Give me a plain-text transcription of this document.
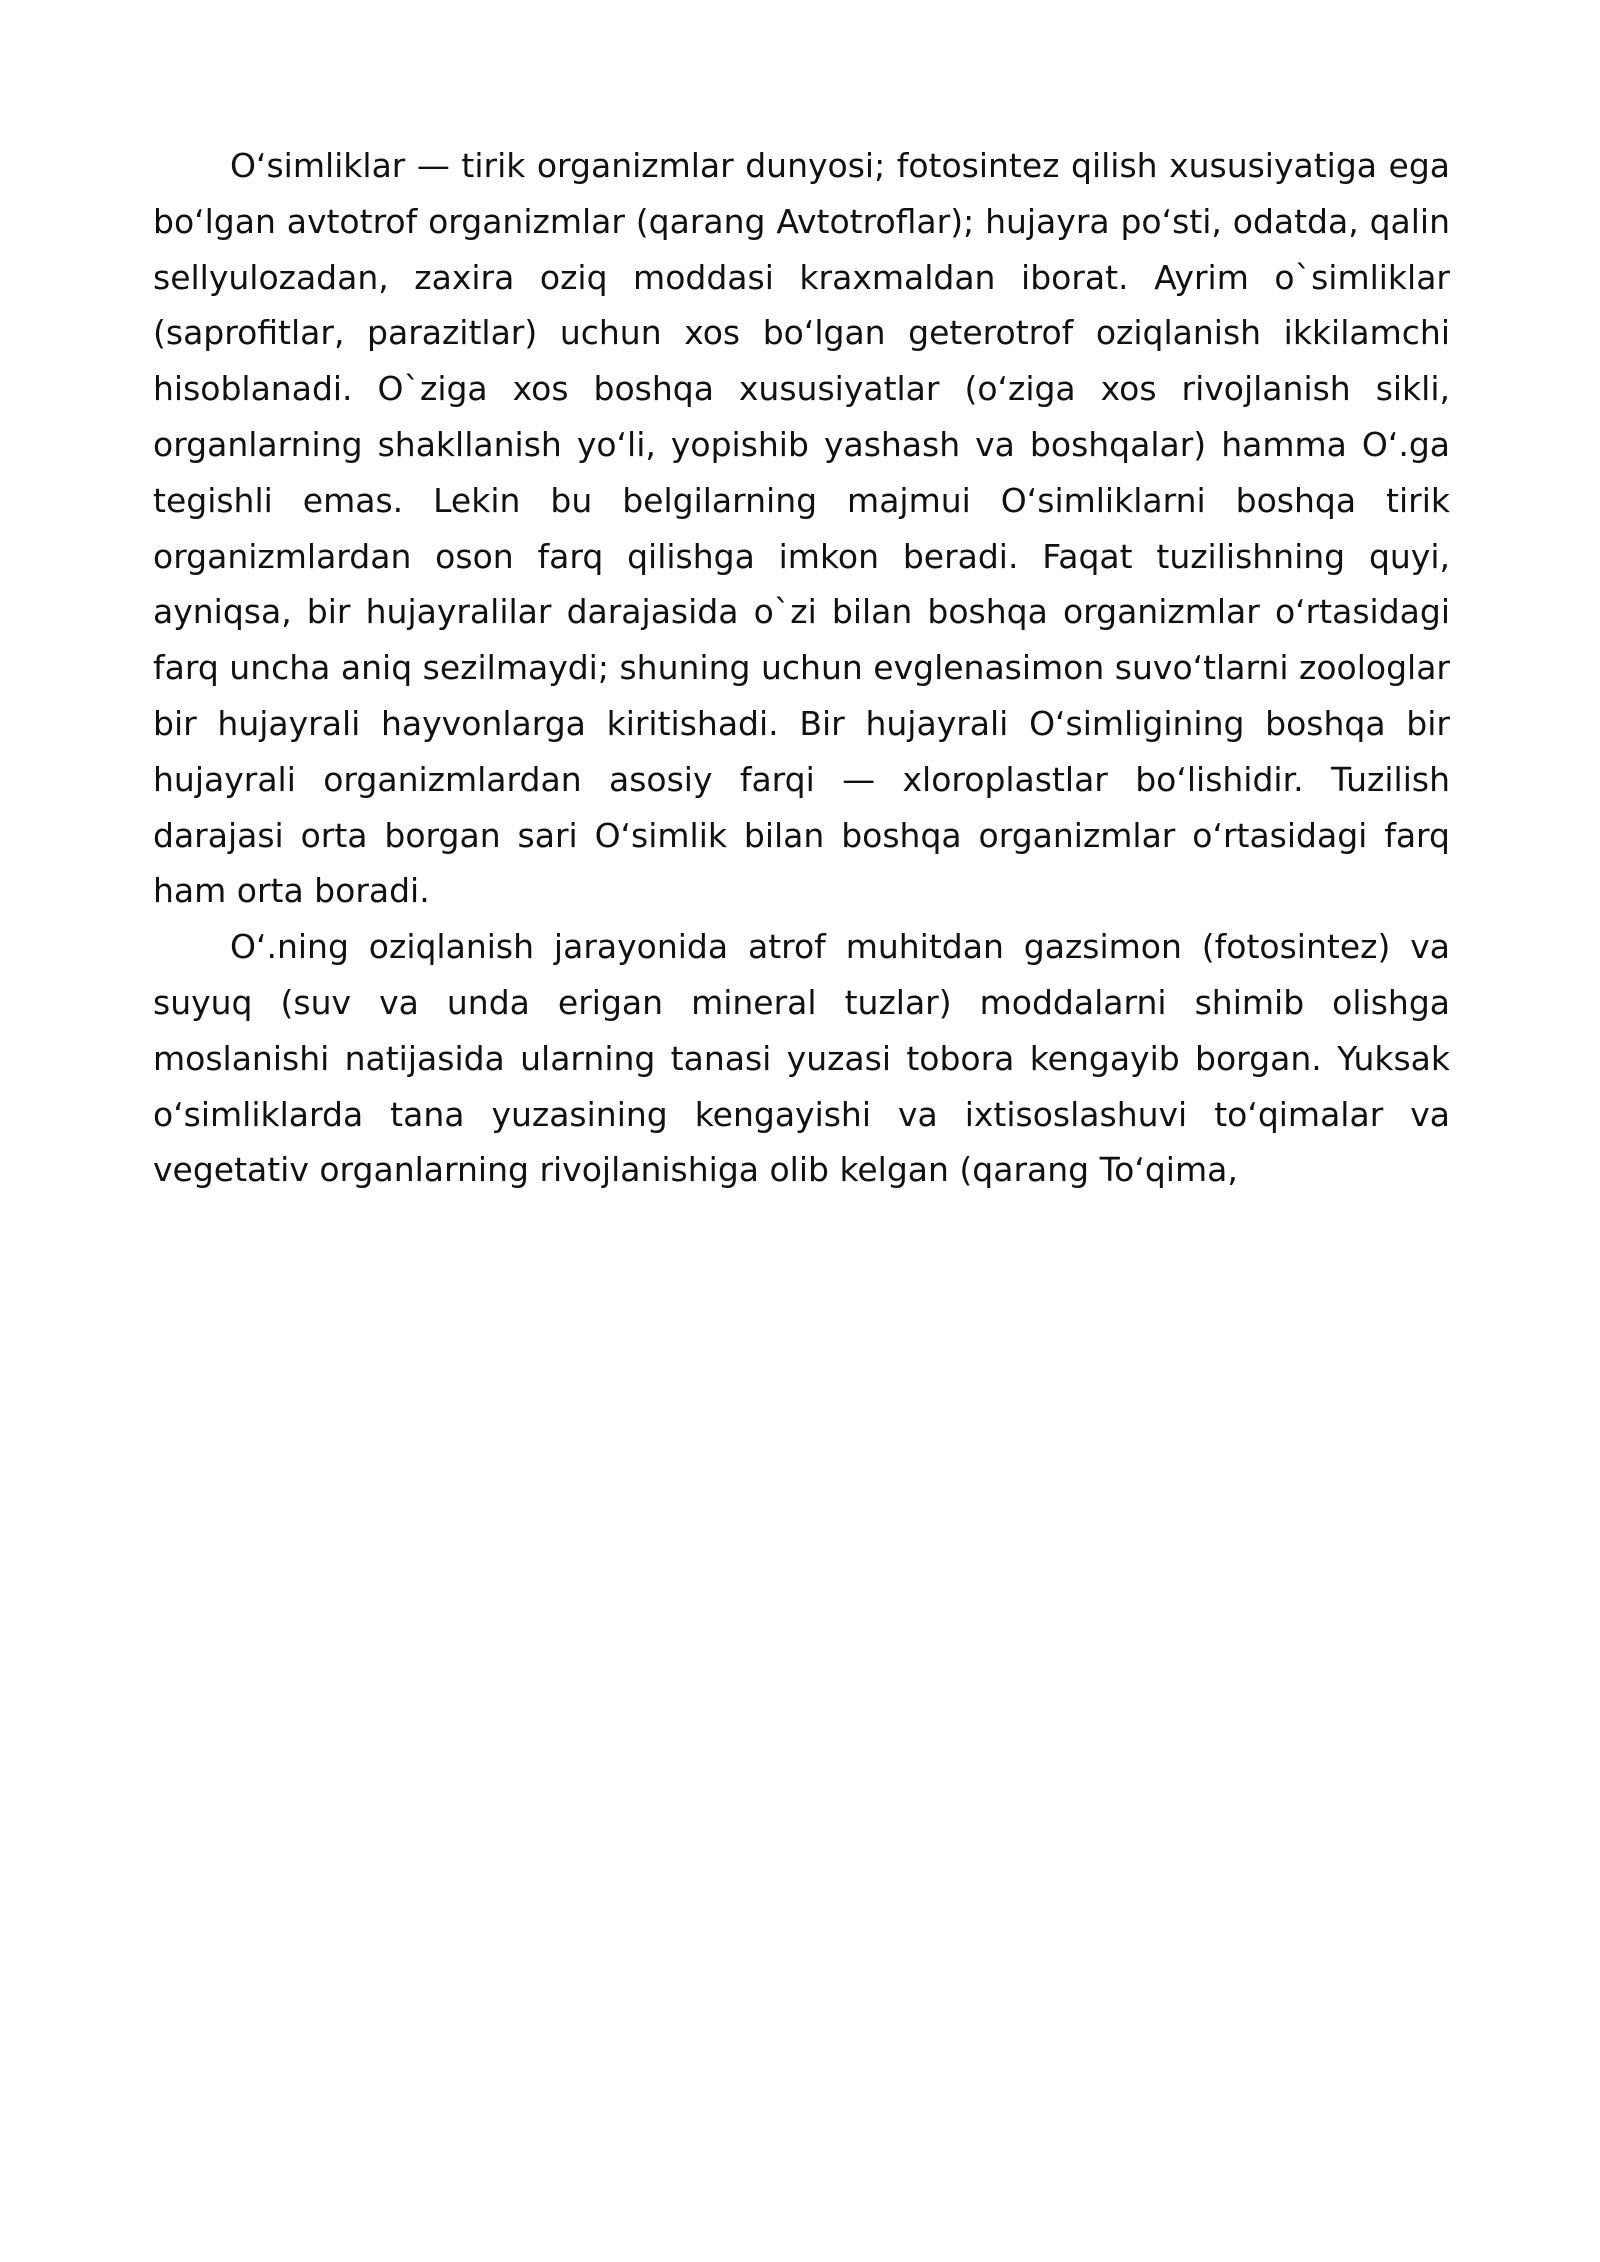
O‘simliklar — tirik organizmlar dunyosi; fotosintez qilish xususiyatiga ega bo‘lgan avtotrof organizmlar (qarang Avtotroflar); hujayra po‘sti, odatda, qalin sellyulozadan, zaxira oziq moddasi kraxmaldan iborat. Ayrim o`simliklar (saprofitlar, parazitlar) uchun xos bo‘lgan geterotrof oziqlanish ikkilamchi hisoblanadi. O`ziga xos boshqa xususiyatlar (o‘ziga xos rivojlanish sikli, organlarning shakllanish yo‘li, yopishib yashash va boshqalar) hamma O‘.ga tegishli emas. Lekin bu belgilarning majmui O‘simliklarni boshqa tirik organizmlardan oson farq qilishga imkon beradi. Faqat tuzilishning quyi, ayniqsa, bir hujayralilar darajasida o`zi bilan boshqa organizmlar o‘rtasidagi farq uncha aniq sezilmaydi; shuning uchun evglenasimon suvo‘tlarni zoologlar bir hujayrali hayvonlarga kiritishadi. Bir hujayrali O‘simligining boshqa bir hujayrali organizmlardan asosiy farqi — xloroplastlar bo‘lishidir. Tuzilish darajasi orta borgan sari O‘simlik bilan boshqa organizmlar o‘rtasidagi farq ham orta boradi.

O‘.ning oziqlanish jarayonida atrof muhitdan gazsimon (fotosintez) va suyuq (suv va unda erigan mineral tuzlar) moddalarni shimib olishga moslanishi natijasida ularning tanasi yuzasi tobora kengayib borgan. Yuksak o‘simliklarda tana yuzasining kengayishi va ixtisoslashuvi to‘qimalar va vegetativ organlarning rivojlanishiga olib kelgan (qarang To‘qima,
